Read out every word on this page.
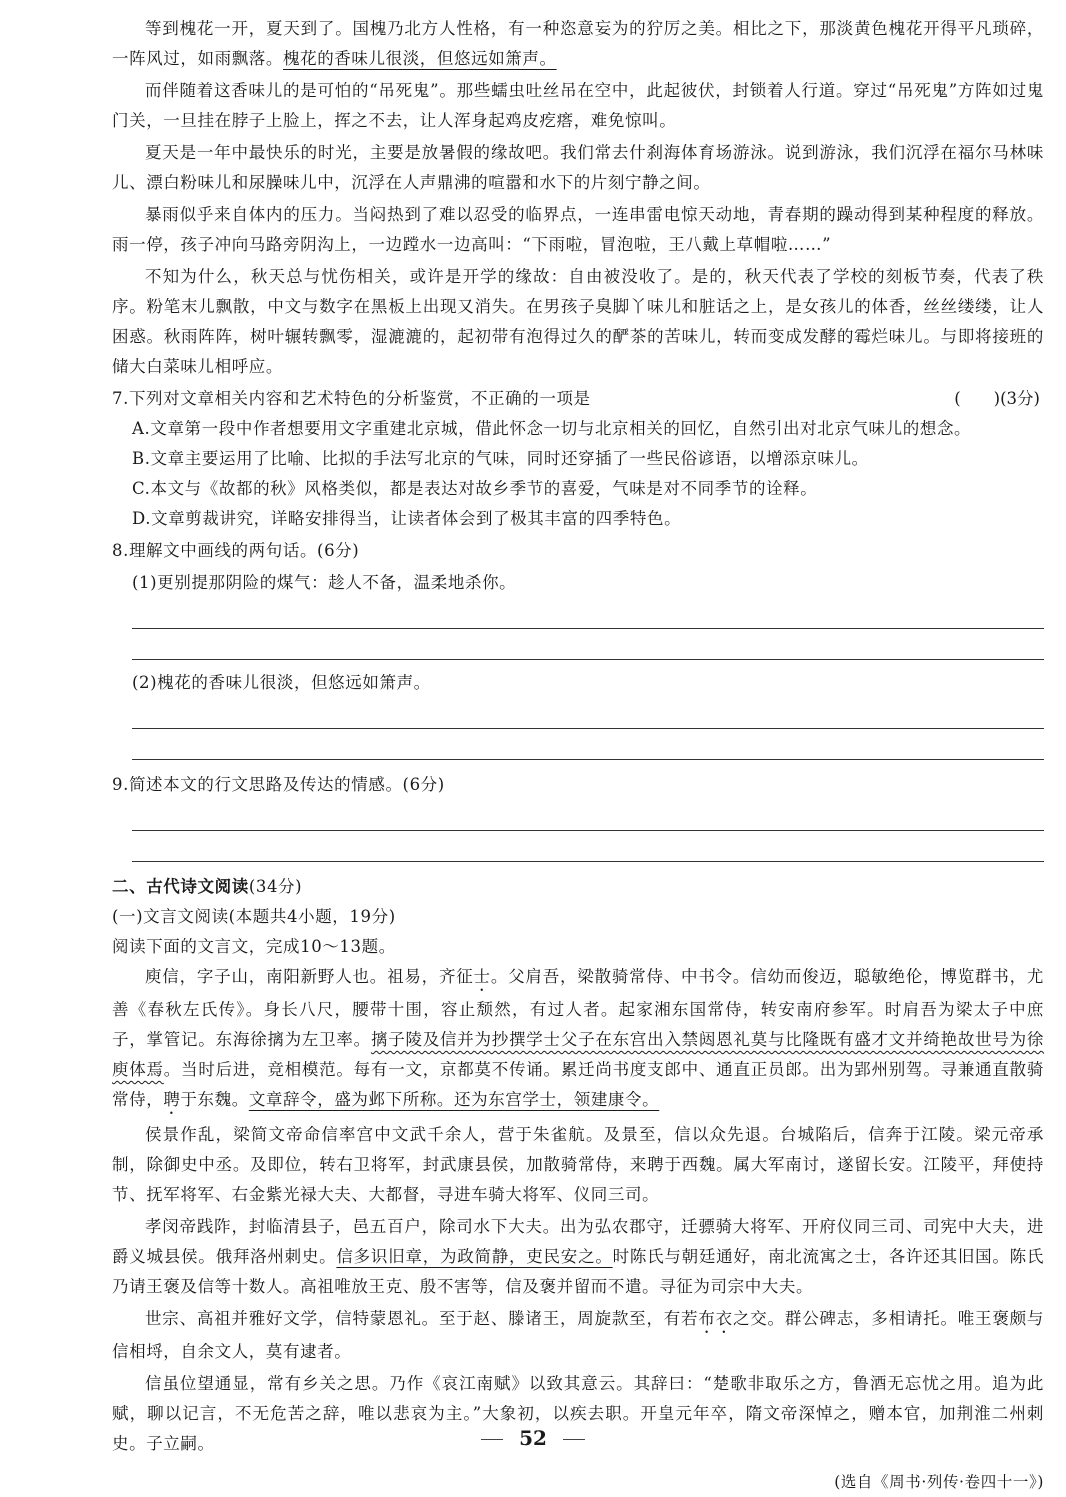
等到槐花一开，夏天到了。国槐乃北方人性格，有一种恣意妄为的狞厉之美。相比之下，那淡黄色槐花开得平凡琐碎，一阵风过，如雨飘落。槐花的香味儿很淡，但悠远如箫声。

而伴随着这香味儿的是可怕的“吊死鬼”。那些蠕虫吐丝吊在空中，此起彼伏，封锁着人行道。穿过“吊死鬼”方阵如过鬼门关，一旦挂在脖子上脸上，挥之不去，让人浑身起鸡皮疙瘩，难免惊叫。

夏天是一年中最快乐的时光，主要是放暑假的缘故吧。我们常去什刹海体育场游泳。说到游泳，我们沉浮在福尔马林味儿、漂白粉味儿和尿臊味儿中，沉浮在人声鼎沸的喧嚣和水下的片刻宁静之间。

暴雨似乎来自体内的压力。当闷热到了难以忍受的临界点，一连串雷电惊天动地，青春期的躁动得到某种程度的释放。雨一停，孩子冲向马路旁阴沟上，一边蹚水一边高叫：“下雨啦，冒泡啦，王八戴上草帽啦……”

不知为什么，秋天总与忧伤相关，或许是开学的缘故：自由被没收了。是的，秋天代表了学校的刻板节奏，代表了秩序。粉笔末儿飘散，中文与数字在黑板上出现又消失。在男孩子臭脚丫味儿和脏话之上，是女孩儿的体香，丝丝缕缕，让人困惑。秋雨阵阵，树叶辗转飘零，湿漉漉的，起初带有泡得过久的酽茶的苦味儿，转而变成发酵的霉烂味儿。与即将接班的储大白菜味儿相呼应。

7.下列对文章相关内容和艺术特色的分析鉴赏，不正确的一项是	(　　)(3分)

A.文章第一段中作者想要用文字重建北京城，借此怀念一切与北京相关的回忆，自然引出对北京气味儿的想念。

B.文章主要运用了比喻、比拟的手法写北京的气味，同时还穿插了一些民俗谚语，以增添京味儿。

C.本文与《故都的秋》风格类似，都是表达对故乡季节的喜爱，气味是对不同季节的诠释。

D.文章剪裁讲究，详略安排得当，让读者体会到了极其丰富的四季特色。

8.理解文中画线的两句话。(6分)

(1)更别提那阴险的煤气：趁人不备，温柔地杀你。

(2)槐花的香味儿很淡，但悠远如箫声。

9.简述本文的行文思路及传达的情感。(6分)

二、古代诗文阅读(34分)

(一)文言文阅读(本题共4小题，19分)

阅读下面的文言文，完成10～13题。

庾信，字子山，南阳新野人也。祖易，齐征士。父肩吾，梁散骑常侍、中书令。信幼而俊迈，聪敏绝伦，博览群书，尤善《春秋左氏传》。身长八尺，腰带十围，容止颓然，有过人者。起家湘东国常侍，转安南府参军。时肩吾为梁太子中庶子，掌管记。东海徐摛为左卫率。摛子陵及信并为抄撰学士父子在东宫出入禁闼恩礼莫与比隆既有盛才文并绮艳故世号为徐庾体焉。当时后进，竞相模范。每有一文，京都莫不传诵。累迁尚书度支郎中、通直正员郎。出为郢州别驾。寻兼通直散骑常侍，聘于东魏。文章辞令，盛为邺下所称。还为东宫学士，领建康令。

侯景作乱，梁简文帝命信率宫中文武千余人，营于朱雀航。及景至，信以众先退。台城陷后，信奔于江陵。梁元帝承制，除御史中丞。及即位，转右卫将军，封武康县侯，加散骑常侍，来聘于西魏。属大军南讨，遂留长安。江陵平，拜使持节、抚军将军、右金紫光禄大夫、大都督，寻进车骑大将军、仪同三司。

孝闵帝践阼，封临清县子，邑五百户，除司水下大夫。出为弘农郡守，迁骠骑大将军、开府仪同三司、司宪中大夫，进爵义城县侯。俄拜洛州刺史。信多识旧章，为政简静，吏民安之。时陈氏与朝廷通好，南北流寓之士，各许还其旧国。陈氏乃请王褒及信等十数人。高祖唯放王克、殷不害等，信及褒并留而不遣。寻征为司宗中大夫。

世宗、高祖并雅好文学，信特蒙恩礼。至于赵、滕诸王，周旋款至，有若布衣之交。群公碑志，多相请托。唯王褒颇与信相埒，自余文人，莫有逮者。

信虽位望通显，常有乡关之思。乃作《哀江南赋》以致其意云。其辞曰：“楚歌非取乐之方，鲁酒无忘忧之用。追为此赋，聊以记言，不无危苦之辞，唯以悲哀为主。”大象初，以疾去职。开皇元年卒，隋文帝深悼之，赠本官，加荆淮二州刺史。子立嗣。

(选自《周书·列传·卷四十一》)

52
